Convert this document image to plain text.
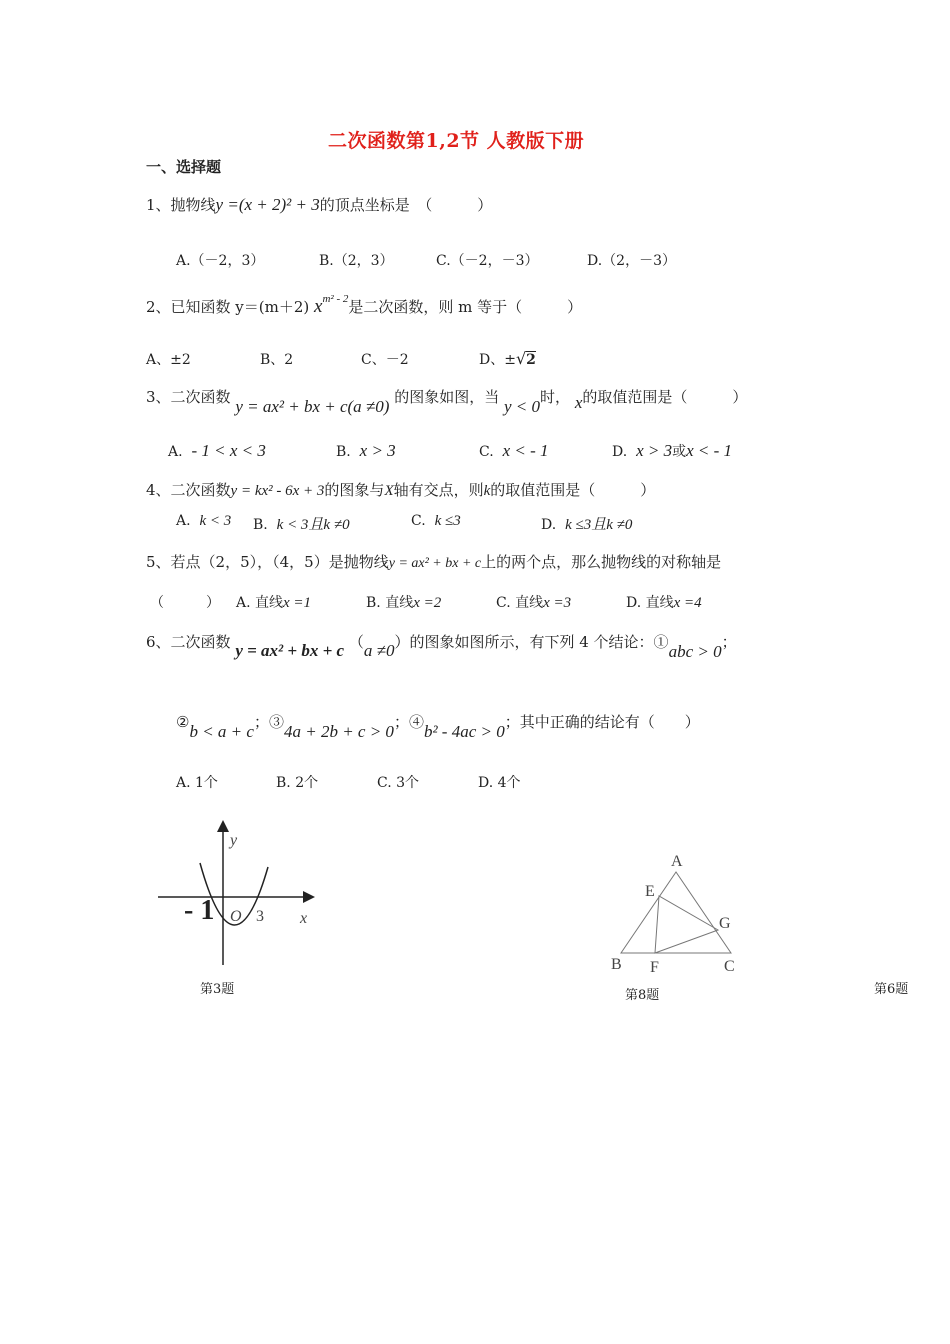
二次函数第1,2节 人教版下册
一、选择题
1、抛物线y =(x + 2)² + 3的顶点坐标是　（　　　）
A.（－2，3）	B.（2，3）	C.（－2，－3）	D.（2，－3）
2、已知函数 y＝(m＋2) $x^{m^2 - 2}$是二次函数，则 m 等于（　　　）
A、±2	B、2	C、－2	D、±√2
3、二次函数 y = ax² + bx + c(a ≠0) 的图象如图，当 y < 0时， x的取值范围是（　　　）
A. - 1 < x < 3	B. x > 3	C. x < - 1	D. x > 3或x < - 1
4、二次函数y = kx² - 6x + 3的图象与X轴有交点，则k的取值范围是（　　　）
A. k < 3 B. k < 3且k ≠0	C. k ≤3	D. k ≤3且k ≠0
5、若点（2，5），（4，5）是抛物线y = ax² + bx + c上的两个点，那么抛物线的对称轴是
（　　　） A. 直线x =1	B. 直线x =2	C. 直线x =3	D. 直线x =4
6、二次函数 y = ax² + bx + c （a ≠0）的图象如图所示，有下列 4 个结论：①abc > 0；
②b < a + c；③4a + 2b + c > 0；④b² - 4ac > 0；其中正确的结论有（　　）
A. 1个	B. 2个	C. 3个	D. 4个
y
x
O 3
- 1
第3题
A
B	C
E
F
G
第8题	第6题
